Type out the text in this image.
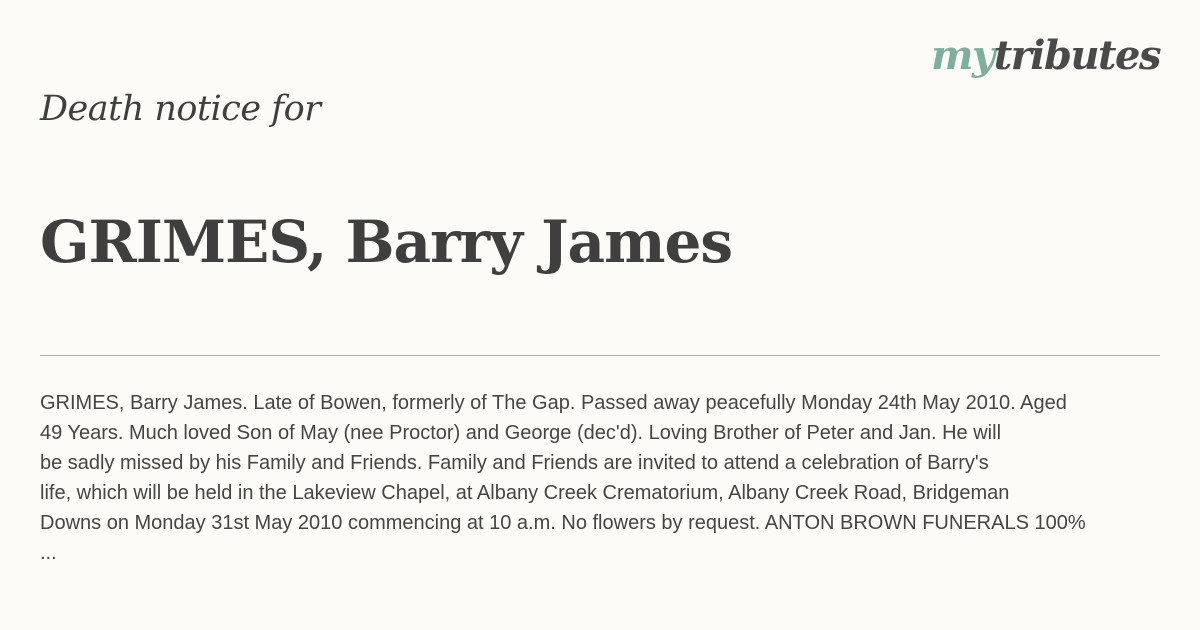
mytributes
Death notice for
GRIMES, Barry James

GRIMES, Barry James. Late of Bowen, formerly of The Gap. Passed away peacefully Monday 24th May 2010. Aged
49 Years. Much loved Son of May (nee Proctor) and George (dec'd). Loving Brother of Peter and Jan. He will
be sadly missed by his Family and Friends. Family and Friends are invited to attend a celebration of Barry's
life, which will be held in the Lakeview Chapel, at Albany Creek Crematorium, Albany Creek Road, Bridgeman
Downs on Monday 31st May 2010 commencing at 10 a.m. No flowers by request. ANTON BROWN FUNERALS 100%
...
